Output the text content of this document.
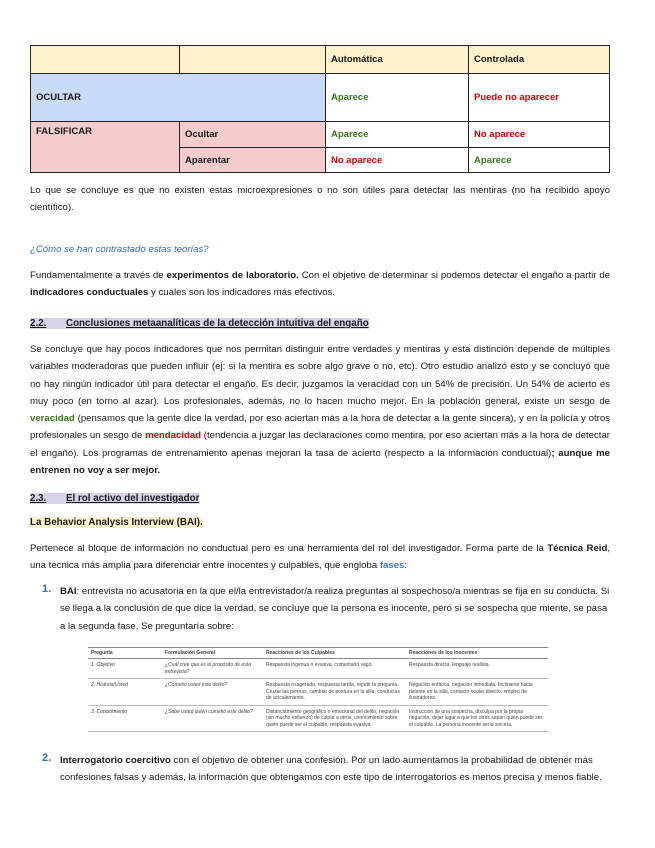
		Automática	Controlada
OCULTAR		Aparece	Puede no aparecer
FALSIFICAR	Ocultar	Aparece	No aparece
	Aparentar	No aparece	Aparece
Lo que se concluye es que no existen estas microexpresiones o no son útiles para detectar las mentiras (no ha recibido apoyo científico).
¿Cómo se han contrastado estas teorías?
Fundamentalmente a través de experimentos de laboratorio. Con el objetivo de determinar si podemos detectar el engaño a partir de indicadores conductuales y cuales son los indicadores más efectivos.
2.2. Conclusiones metaanalíticas de la detección intuitiva del engaño
Se concluye que hay pocos indicadores que nos permitan distinguir entre verdades y mentiras y esta distinción depende de múltiples variables moderadoras que pueden influir (ej: si la mentira es sobre algo grave o no, etc). Otro estudio analizó esto y se concluyó que no hay ningún indicador útil para detectar el engaño. Es decir, juzgamos la veracidad con un 54% de precisión. Un 54% de acierto es muy poco (en torno al azar). Los profesionales, además, no lo hacen mucho mejor. En la población general, existe un sesgo de veracidad (pensamos que la gente dice la verdad, por eso aciertan más a la hora de detectar a la gente sincera), y en la policía y otros profesionales un sesgo de mendacidad (tendencia a juzgar las declaraciones como mentira, por eso aciertan más a la hora de detectar el engaño). Los programas de entrenamiento apenas mejoran la tasa de acierto (respecto a la información conductual); aunque me entrenen no voy a ser mejor.
2.3. El rol activo del investigador
La Behavior Analysis Interview (BAI).
Pertenece al bloque de información no conductual pero es una herramienta del rol del investigador. Forma parte de la Técnica Reid, una técnica más amplia para diferenciar entre inocentes y culpables, que engloba fases:
1. BAI: entrevista no acusatoria en la que el/la entrevistador/a realiza preguntas al sospechoso/a mientras se fija en su conducta. Si se llega a la conclusión de que dice la verdad, se concluye que la persona es inocente, peró si se sospecha que miente, se pasa a la segunda fase. Se preguntaría sobre:
Pregunta	Formulación General	Reacciones de los Culpables	Reacciones de los Inocentes
1. Objetivo	¿Cuál cree que es el propósito de esta entrevista?	Respuesta ingenua o evasiva, comentario vago.	Respuesta directa, lenguaje realista.
2. Historia/Usted	¿Cometió usted este delito?	Respuesta exagerada, respuesta tardía, repetir la pregunta. Cruzar las piernas, cambiar de postura en la silla, conductas de acicalamiento.	Negación enfática, negación inmediata. Inclinarse hacia delante en la silla, contacto ocular directo, empleo de ilustradores.
3. Conocimiento	¿Sabe usted quién cometió este delito?	Distanciamiento geográfico o emocional del delito, negación (sin mucho esfuerzo) de culpar a otros, conocimiento sobre quién puede ser el culpable, respuesta evasiva.	Instrucción de una sospecha, disculpa por la propia negación, dejar lugar a que los otros sepan quién puede ser el culpable. La persona inocente sería sincera.
2. Interrogatorio coercitivo con el objetivo de obtener una confesión. Por un lado aumentamos la probabilidad de obtener más confesiones falsas y además, la información que obtengamos con este tipo de interrogatorios es menos precisa y menos fiable.
